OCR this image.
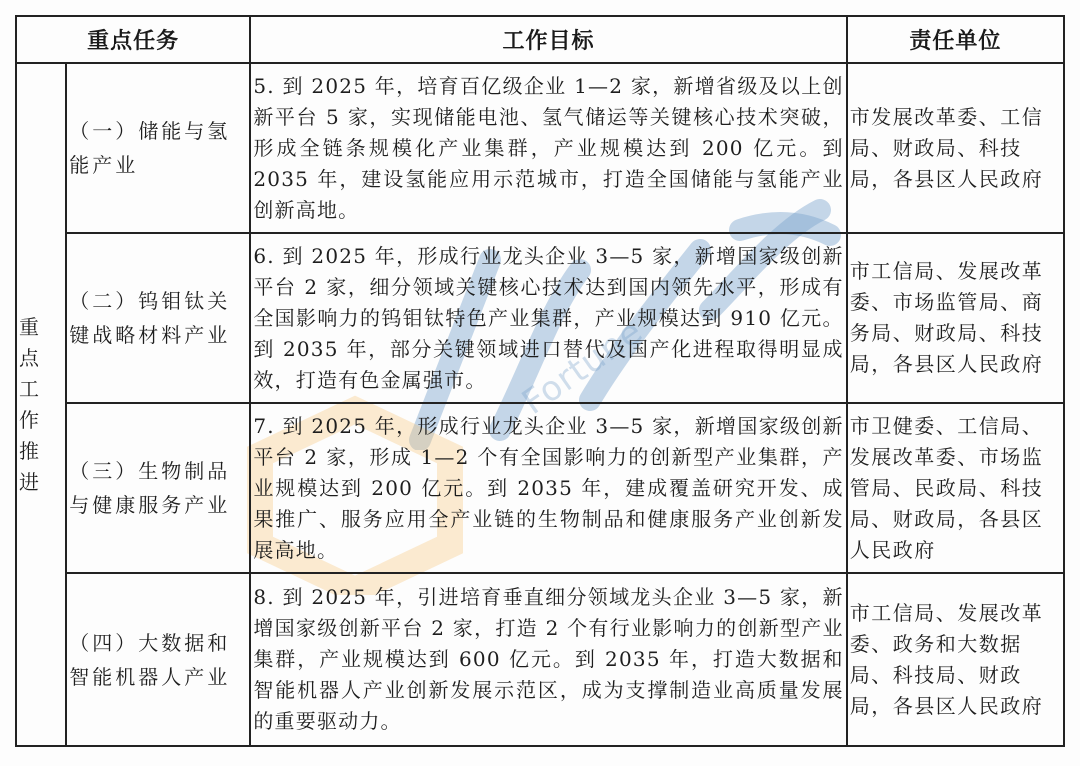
Fortune
重点任务		工作目标	责任单位
重点工作推进	（一）储能与氢能产业	5. 到 2025 年，培育百亿级企业 1—2 家，新增省级及以上创新平台 5 家，实现储能电池、氢气储运等关键核心技术突破，形成全链条规模化产业集群，产业规模达到 200 亿元。到 2035 年，建设氢能应用示范城市，打造全国储能与氢能产业创新高地。	市发展改革委、工信局、财政局、科技局，各县区人民政府
	（二）钨钼钛关键战略材料产业	6. 到 2025 年，形成行业龙头企业 3—5 家，新增国家级创新平台 2 家，细分领域关键核心技术达到国内领先水平，形成有全国影响力的钨钼钛特色产业集群，产业规模达到 910 亿元。到 2035 年，部分关键领域进口替代及国产化进程取得明显成效，打造有色金属强市。	市工信局、发展改革委、市场监管局、商务局、财政局、科技局，各县区人民政府
	（三）生物制品与健康服务产业	7. 到 2025 年，形成行业龙头企业 3—5 家，新增国家级创新平台 2 家，形成 1—2 个有全国影响力的创新型产业集群，产业规模达到 200 亿元。到 2035 年，建成覆盖研究开发、成果推广、服务应用全产业链的生物制品和健康服务产业创新发展高地。	市卫健委、工信局、发展改革委、市场监管局、民政局、科技局、财政局，各县区人民政府
	（四）大数据和智能机器人产业	8. 到 2025 年，引进培育垂直细分领域龙头企业 3—5 家，新增国家级创新平台 2 家，打造 2 个有行业影响力的创新型产业集群，产业规模达到 600 亿元。到 2035 年，打造大数据和智能机器人产业创新发展示范区，成为支撑制造业高质量发展的重要驱动力。	市工信局、发展改革委、政务和大数据局、科技局、财政局，各县区人民政府
